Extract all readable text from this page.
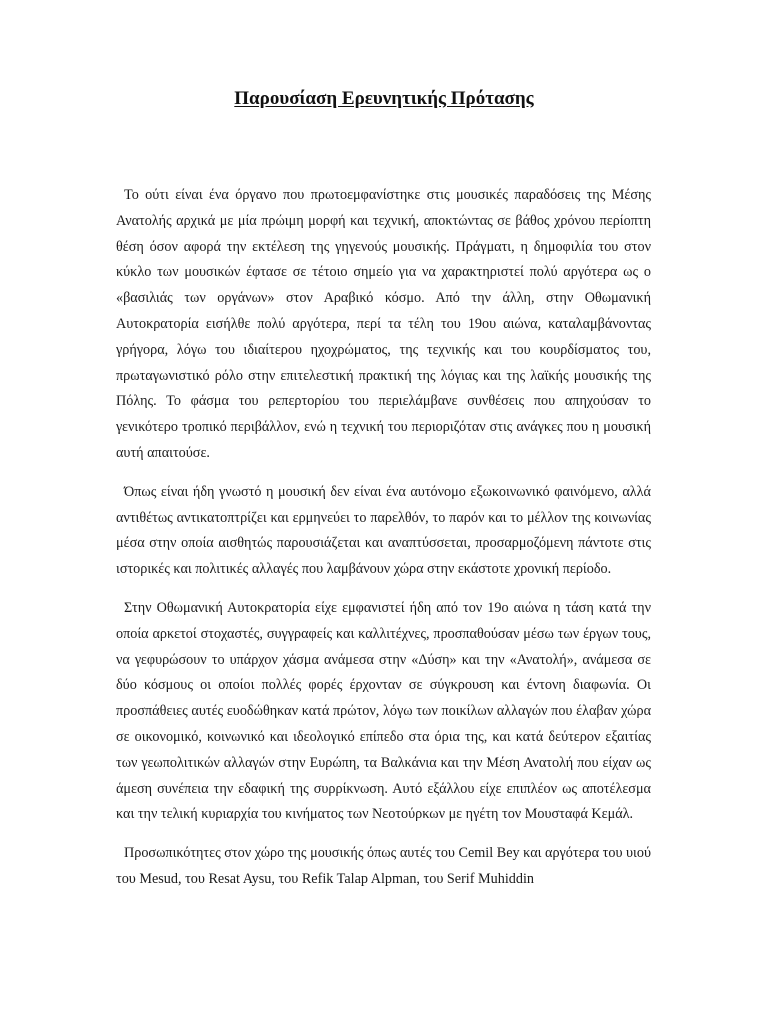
Παρουσίαση Ερευνητικής Πρότασης

Το ούτι είναι ένα όργανο που πρωτοεμφανίστηκε στις μουσικές παραδόσεις της Μέσης Ανατολής αρχικά με μία πρώιμη μορφή και τεχνική, αποκτώντας σε βάθος χρόνου περίοπτη θέση όσον αφορά την εκτέλεση της γηγενούς μουσικής. Πράγματι, η δημοφιλία του στον κύκλο των μουσικών έφτασε σε τέτοιο σημείο για να χαρακτηριστεί πολύ αργότερα ως ο «βασιλιάς των οργάνων» στον Αραβικό κόσμο. Από την άλλη, στην Οθωμανική Αυτοκρατορία εισήλθε πολύ αργότερα, περί τα τέλη του 19ου αιώνα, καταλαμβάνοντας γρήγορα, λόγω του ιδιαίτερου ηχοχρώματος, της τεχνικής και του κουρδίσματος του, πρωταγωνιστικό ρόλο στην επιτελεστική πρακτική της λόγιας και της λαϊκής μουσικής της Πόλης. Το φάσμα του ρεπερτορίου του περιελάμβανε συνθέσεις που απηχούσαν το γενικότερο τροπικό περιβάλλον, ενώ η τεχνική του περιοριζόταν στις ανάγκες που η μουσική αυτή απαιτούσε.

Όπως είναι ήδη γνωστό η μουσική δεν είναι ένα αυτόνομο εξωκοινωνικό φαινόμενο, αλλά αντιθέτως αντικατοπτρίζει και ερμηνεύει το παρελθόν, το παρόν και το μέλλον της κοινωνίας μέσα στην οποία αισθητώς παρουσιάζεται και αναπτύσσεται, προσαρμοζόμενη πάντοτε στις ιστορικές και πολιτικές αλλαγές που λαμβάνουν χώρα στην εκάστοτε χρονική περίοδο.

Στην Οθωμανική Αυτοκρατορία είχε εμφανιστεί ήδη από τον 19ο αιώνα η τάση κατά την οποία αρκετοί στοχαστές, συγγραφείς και καλλιτέχνες, προσπαθούσαν μέσω των έργων τους, να γεφυρώσουν το υπάρχον χάσμα ανάμεσα στην «Δύση» και την «Ανατολή», ανάμεσα σε δύο κόσμους οι οποίοι πολλές φορές έρχονταν σε σύγκρουση και έντονη διαφωνία. Οι προσπάθειες αυτές ευοδώθηκαν κατά πρώτον, λόγω των ποικίλων αλλαγών που έλαβαν χώρα σε οικονομικό, κοινωνικό και ιδεολογικό επίπεδο στα όρια της, και κατά δεύτερον εξαιτίας των γεωπολιτικών αλλαγών στην Ευρώπη, τα Βαλκάνια και την Μέση Ανατολή που είχαν ως άμεση συνέπεια την εδαφική της συρρίκνωση. Αυτό εξάλλου είχε επιπλέον ως αποτέλεσμα και την τελική κυριαρχία του κινήματος των Νεοτούρκων με ηγέτη τον Μουσταφά Κεμάλ.

Προσωπικότητες στον χώρο της μουσικής όπως αυτές του Cemil Bey και αργότερα του υιού του Mesud, του Resat Aysu, του Refik Talap Alpman, του Serif Muhiddin
